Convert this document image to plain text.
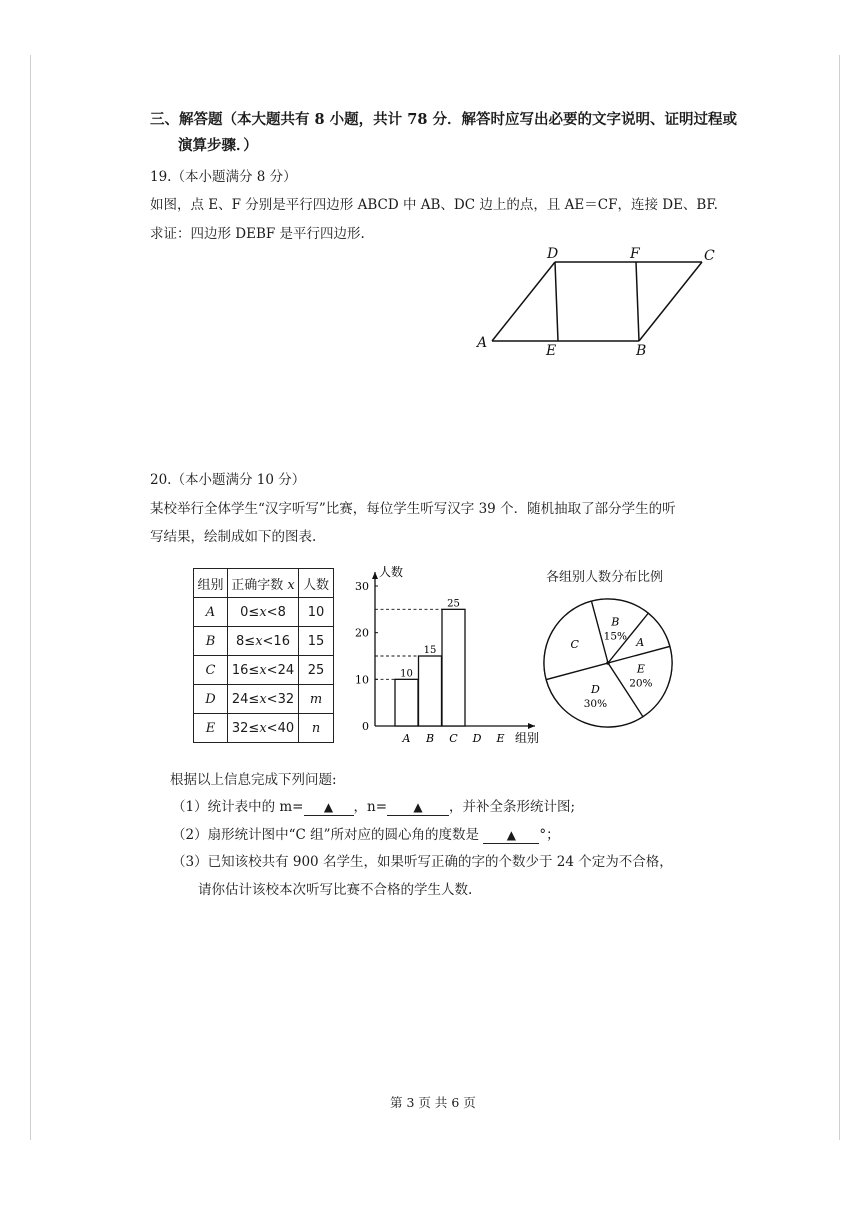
三、解答题（本大题共有 8 小题，共计 78 分．解答时应写出必要的文字说明、证明过程或
演算步骤．）
19.（本小题满分 8 分）
如图，点 E、F 分别是平行四边形 ABCD 中 AB、DC 边上的点，且 AE＝CF，连接 DE、BF.
求证：四边形 DEBF 是平行四边形.
D	F	C
A	E	B
20.（本小题满分 10 分）
某校举行全体学生“汉字听写”比赛，每位学生听写汉字 39 个．随机抽取了部分学生的听
写结果，绘制成如下的图表.
组别	正确字数 x	人数
A	0≤x<8	10
B	8≤x<16	15
C	16≤x<24	25
D	24≤x<32	m
E	32≤x<40	n
人数
组别
0
10
20
30
A
10
B
15
C
25
D E
各组别人数分布比例
B
15% A
E
20%
D
30%
C
根据以上信息完成下列问题:
（1）统计表中的 m= ▲ ，n= ▲ ，并补全条形统计图;
（2）扇形统计图中“C 组”所对应的圆心角的度数是 ▲ °；
（3）已知该校共有 900 名学生，如果听写正确的字的个数少于 24 个定为不合格，
请你估计该校本次听写比赛不合格的学生人数.
第 3 页 共 6 页
